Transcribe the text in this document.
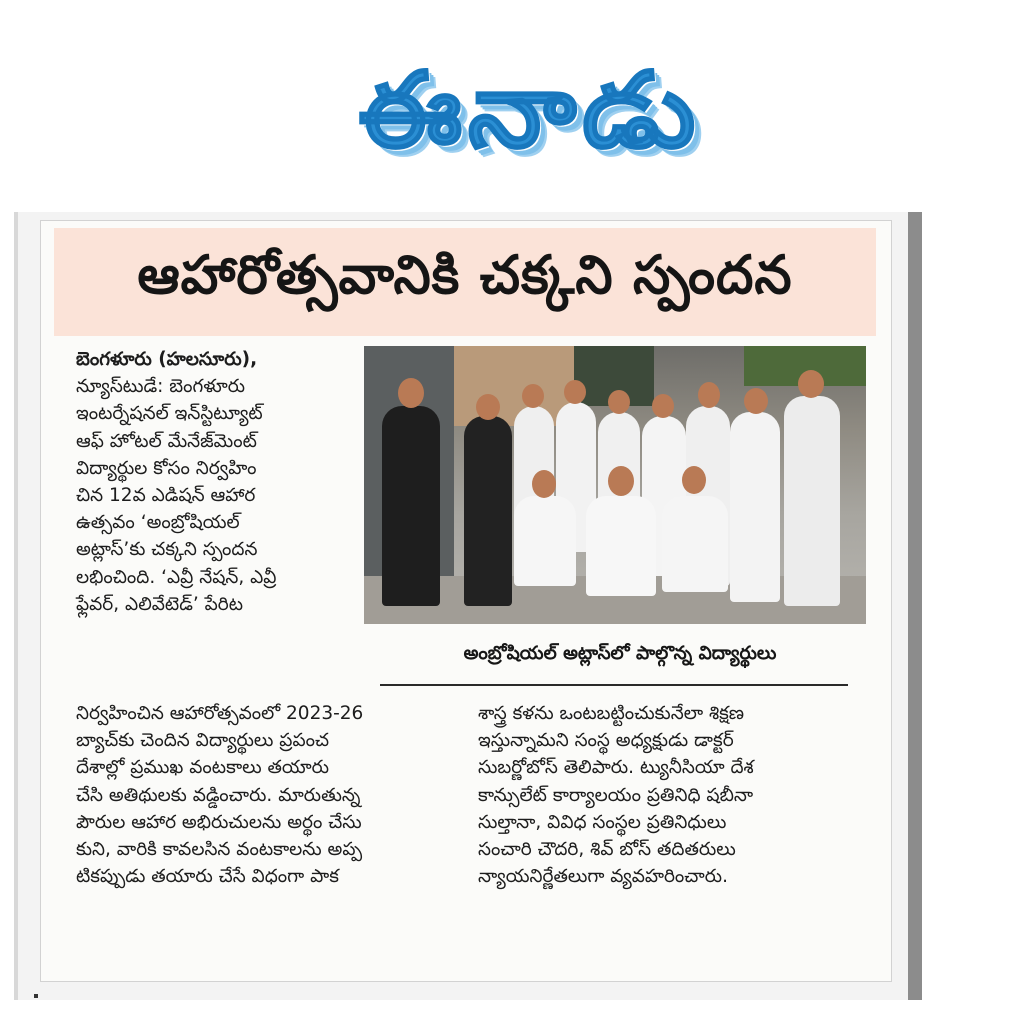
ఈనాడు
ఆహారోత్సవానికి చక్కని స్పందన
బెంగళూరు (హలసూరు),
న్యూస్‌టుడే: బెంగళూరు
ఇంటర్నేషనల్ ఇన్‌స్టిట్యూట్
ఆఫ్ హోటల్ మేనేజ్‌మెంట్
విద్యార్థుల కోసం నిర్వహిం
చిన 12వ ఎడిషన్ ఆహార
ఉత్సవం ‘అంబ్రోషియల్
అట్లాస్’కు చక్కని స్పందన
లభించింది. ‘ఎవ్రీ నేషన్, ఎవ్రీ
ఫ్లేవర్, ఎలివేటెడ్’ పేరిట
అంబ్రోషియల్ అట్లాస్‌లో పాల్గొన్న విద్యార్థులు
నిర్వహించిన ఆహారోత్సవంలో 2023-26
బ్యాచ్‌కు చెందిన విద్యార్థులు ప్రపంచ
దేశాల్లో ప్రముఖ వంటకాలు తయారు
చేసి అతిథులకు వడ్డించారు. మారుతున్న
పౌరుల ఆహార అభిరుచులను అర్థం చేసు
కుని, వారికి కావలసిన వంటకాలను అప్ప
టికప్పుడు తయారు చేసే విధంగా పాక
శాస్త్ర కళను ఒంటబట్టించుకునేలా శిక్షణ
ఇస్తున్నామని సంస్థ అధ్యక్షుడు డాక్టర్
సుబర్ణోబోస్ తెలిపారు. ట్యునీసియా దేశ
కాన్సులేట్ కార్యాలయం ప్రతినిధి షబీనా
సుల్తానా, వివిధ సంస్థల ప్రతినిధులు
సంచారి చౌదరి, శివ్ బోస్ తదితరులు
న్యాయనిర్ణేతలుగా వ్యవహరించారు.
